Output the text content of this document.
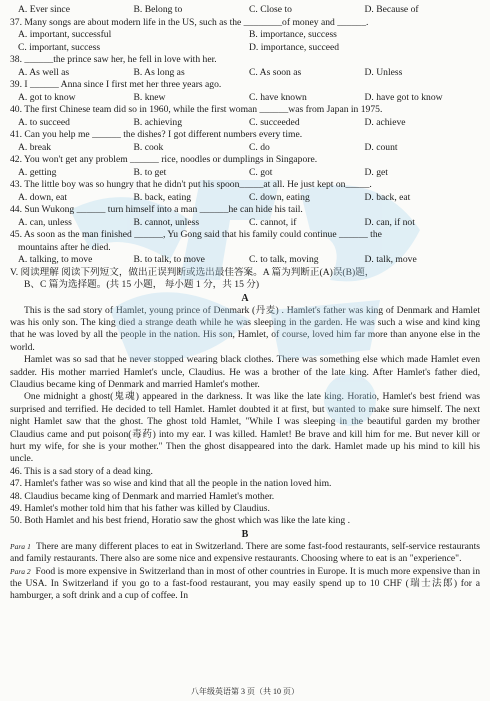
A. Ever since	B. Belong to	C. Close to	D. Because of
37. Many songs are about modern life in the US, such as the ________of money and ______.
A. important, successful	B. importance, success
C. important, success	D. importance, succeed
38. ______the prince saw her, he fell in love with her.
A. As well as	B. As long as	C. As soon as	D. Unless
39. I ______ Anna since I first met her three years ago.
A. got to know	B. knew	C. have known	D. have got to know
40. The first Chinese team did so in 1960, while the first woman ______was from Japan in 1975.
A. to succeed	B. achieving	C. succeeded	D. achieve
41. Can you help me ______ the dishes? I got different numbers every time.
A. break	B. cook	C. do	D. count
42. You won't get any problem ______ rice, noodles or dumplings in Singapore.
A. getting	B. to get	C. got	D. get
43. The little boy was so hungry that he didn't put his spoon_____at all. He just kept on_____.
A. down, eat	B. back, eating	C. down, eating	D. back, eat
44. Sun Wukong ______ turn himself into a man ______he can hide his tail.
A. can, unless	B. cannot, unless	C. cannot, if	D. can, if not
45. As soon as the man finished ______, Yu Gong said that his family could continue ______ the
mountains after he died.
A. talking, to move	B. to talk, to move	C. to talk, moving	D. talk, move
V. 阅读理解 阅读下列短文，做出正误判断或选出最佳答案。A 篇为判断正(A)误(B)题，
B、C 篇为选择题。(共 15 小题， 每小题 1 分，共 15 分)
A
This is the sad story of Hamlet, young prince of Denmark (丹麦) . Hamlet's father was king of Denmark and Hamlet was his only son. The king died a strange death while he was sleeping in the garden. He was such a wise and kind king that he was loved by all the people in the nation. His son, Hamlet, of course, loved him far more than anyone else in the world.
Hamlet was so sad that he never stopped wearing black clothes. There was something else which made Hamlet even sadder. His mother married Hamlet's uncle, Claudius. He was a brother of the late king. After Hamlet's father died, Claudius became king of Denmark and married Hamlet's mother.
One midnight a ghost(鬼魂) appeared in the darkness. It was like the late king. Horatio, Hamlet's best friend was surprised and terrified. He decided to tell Hamlet. Hamlet doubted it at first, but wanted to make sure himself. The next night Hamlet saw that the ghost. The ghost told Hamlet, "While I was sleeping in the beautiful garden my brother Claudius came and put poison(毒药) into my ear. I was killed. Hamlet! Be brave and kill him for me. But never kill or hurt my wife, for she is your mother." Then the ghost disappeared into the dark. Hamlet made up his mind to kill his uncle.
46. This is a sad story of a dead king.
47. Hamlet's father was so wise and kind that all the people in the nation loved him.
48. Claudius became king of Denmark and married Hamlet's mother.
49. Hamlet's mother told him that his father was killed by Claudius.
50. Both Hamlet and his best friend, Horatio saw the ghost which was like the late king .
B
Para 1 There are many different places to eat in Switzerland. There are some fast-food restaurants, self-service restaurants and family restaurants. There also are some nice and expensive restaurants. Choosing where to eat is an "experience".
Para 2 Food is more expensive in Switzerland than in most of other countries in Europe. It is much more expensive than in the USA. In Switzerland if you go to a fast-food restaurant, you may easily spend up to 10 CHF (瑞士法郎) for a hamburger, a soft drink and a cup of coffee. In
八年级英语第 3 页（共 10 页）
